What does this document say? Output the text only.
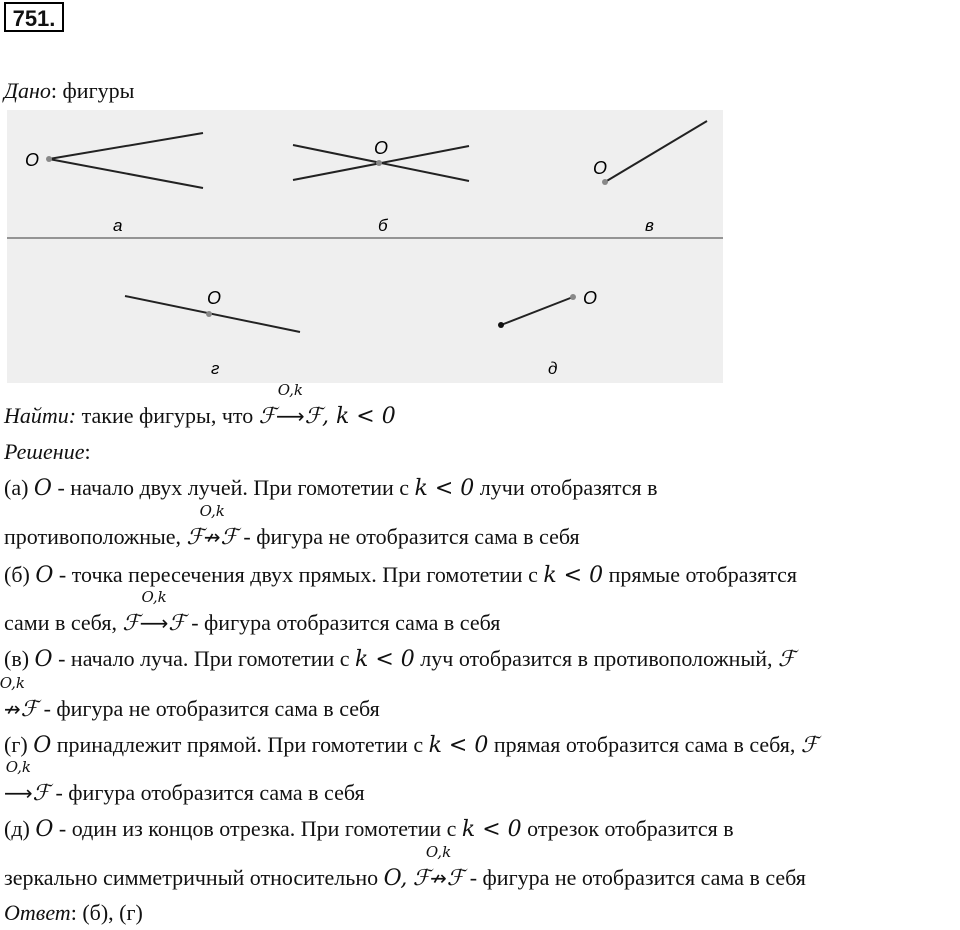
751.
Дано: фигуры
O
а
O
б
O
в
O
г
O
д
Найти: такие фигуры, что ℱ
O,k
⟶ℱ, k < 0
Решение:
(а) O - начало двух лучей. При гомотетии с k < 0 лучи отобразятся в
противоположные, ℱ
O,k
↛ℱ - фигура не отобразится сама в себя
(б) O - точка пересечения двух прямых. При гомотетии с k < 0 прямые отобразятся
сами в себя, ℱ
O,k
⟶ℱ - фигура отобразится сама в себя
(в) O - начало луча. При гомотетии с k < 0 луч отобразится в противоположный, ℱ
O,k
↛ℱ - фигура не отобразится сама в себя
(г) O принадлежит прямой. При гомотетии с k < 0 прямая отобразится сама в себя, ℱ
O,k
⟶ℱ - фигура отобразится сама в себя
(д) O - один из концов отрезка. При гомотетии с k < 0 отрезок отобразится в
зеркально симметричный относительно O, ℱ
O,k
↛ℱ - фигура не отобразится сама в себя
Ответ: (б), (г)
